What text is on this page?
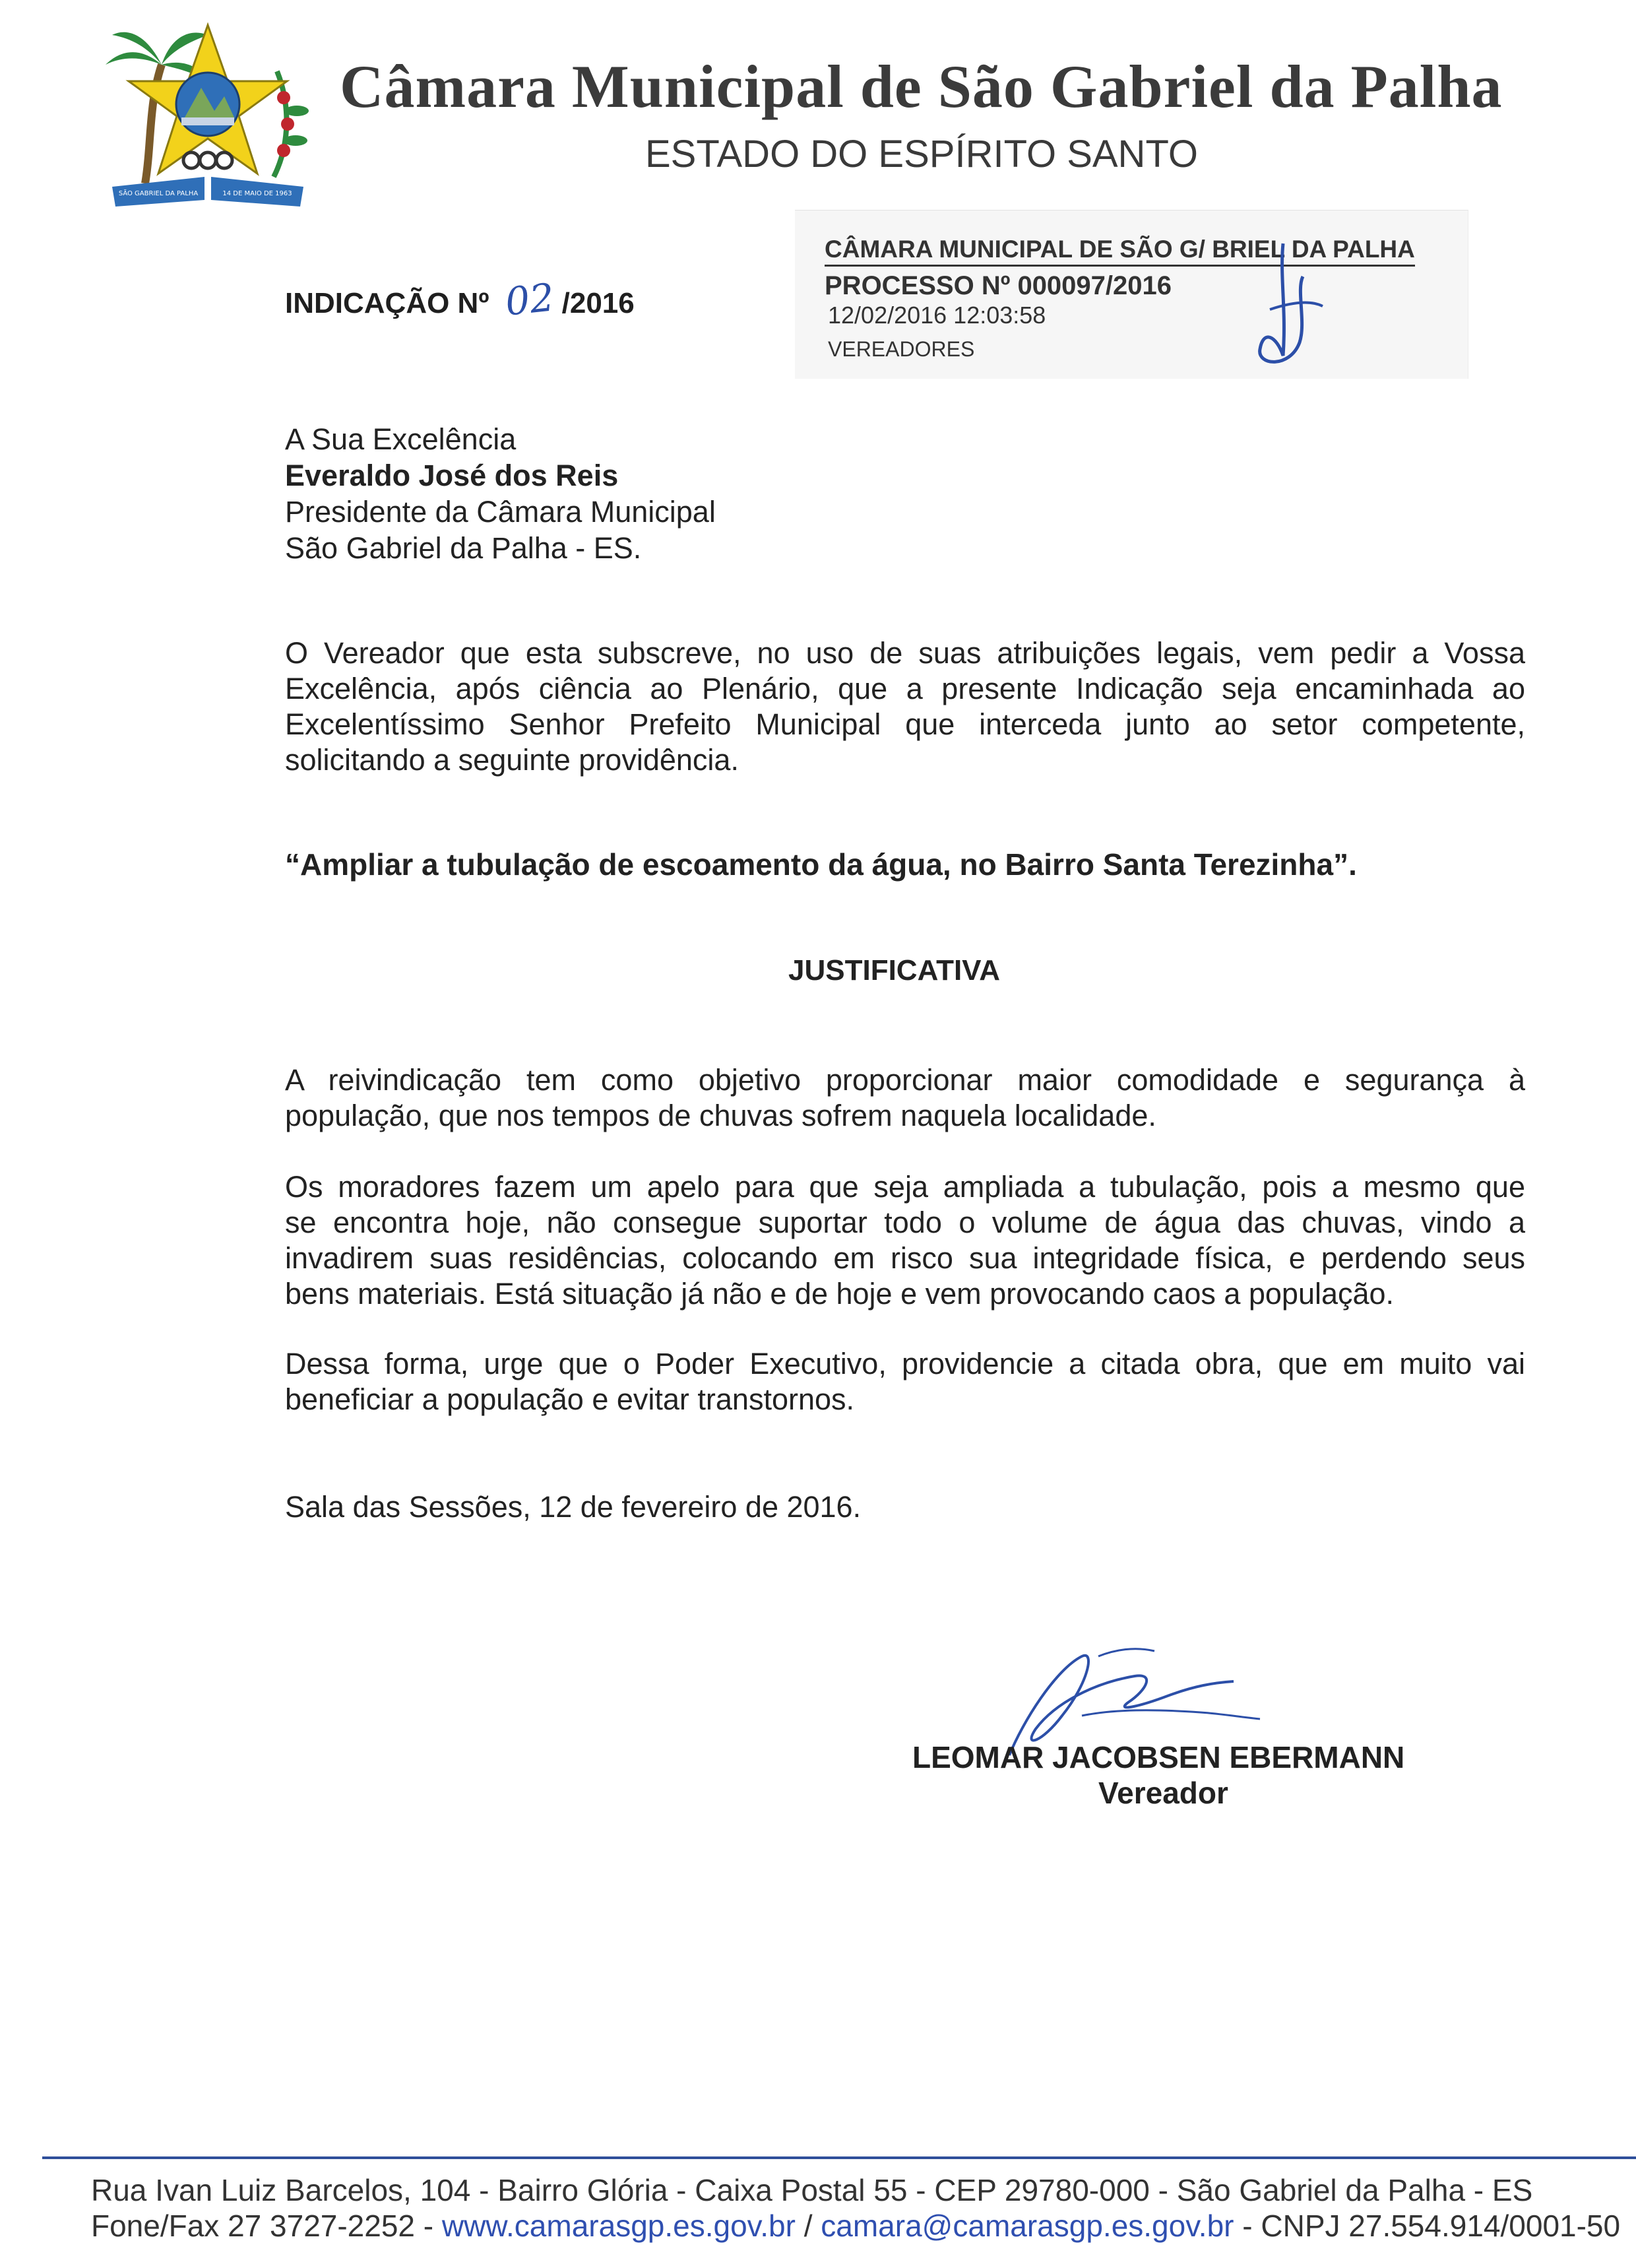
SÃO GABRIEL DA PALHA	14 DE MAIO DE 1963
Câmara Municipal de São Gabriel da Palha
ESTADO DO ESPÍRITO SANTO
INDICAÇÃO Nº 02 /2016
CÂMARA MUNICIPAL DE SÃO G/ BRIEL DA PALHA
PROCESSO Nº 000097/2016
12/02/2016 12:03:58
VEREADORES
A Sua Excelência
Everaldo José dos Reis
Presidente da Câmara Municipal
São Gabriel da Palha - ES.
O Vereador que esta subscreve, no uso de suas atribuições legais, vem pedir a Vossa
Excelência, após ciência ao Plenário, que a presente Indicação seja encaminhada ao
Excelentíssimo Senhor Prefeito Municipal que interceda junto ao setor competente,
solicitando a seguinte providência.
“Ampliar a tubulação de escoamento da água, no Bairro Santa Terezinha”.
JUSTIFICATIVA
A reivindicação tem como objetivo proporcionar maior comodidade e segurança à
população, que nos tempos de chuvas sofrem naquela localidade.
Os moradores fazem um apelo para que seja ampliada a tubulação, pois a mesmo que
se encontra hoje, não consegue suportar todo o volume de água das chuvas, vindo a
invadirem suas residências, colocando em risco sua integridade física, e perdendo seus
bens materiais. Está situação já não e de hoje e vem provocando caos a população.
Dessa forma, urge que o Poder Executivo, providencie a citada obra, que em muito vai
beneficiar a população e evitar transtornos.
Sala das Sessões, 12 de fevereiro de 2016.
LEOMAR JACOBSEN EBERMANN
Vereador
Rua Ivan Luiz Barcelos, 104 - Bairro Glória - Caixa Postal 55 - CEP 29780-000 - São Gabriel da Palha - ES
Fone/Fax 27 3727-2252 - www.camarasgp.es.gov.br / camara@camarasgp.es.gov.br - CNPJ 27.554.914/0001-50
